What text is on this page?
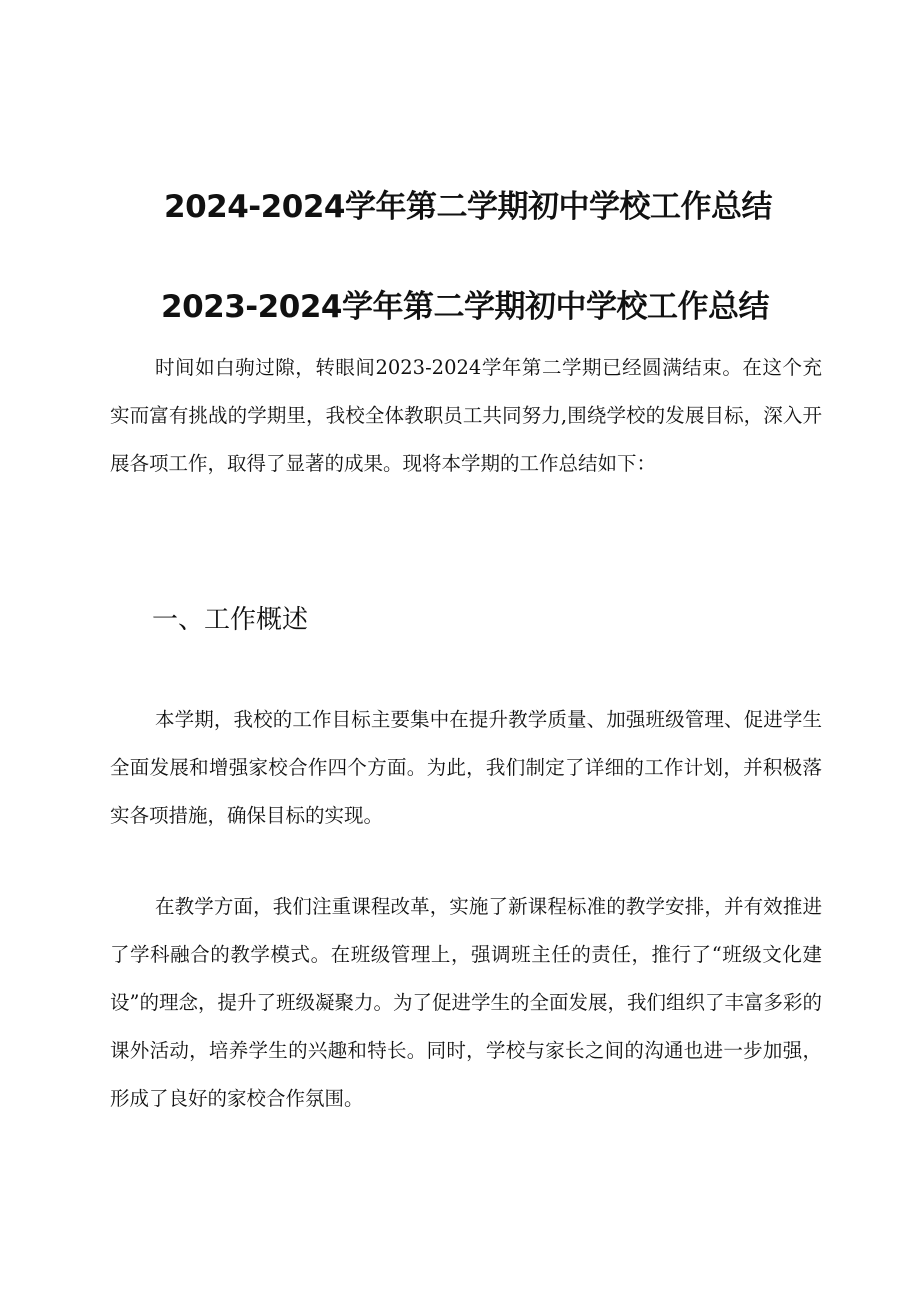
2024-2024学年第二学期初中学校工作总结
2023-2024学年第二学期初中学校工作总结

时间如白驹过隙，转眼间2023-2024学年第二学期已经圆满结束。在这个充实而富有挑战的学期里，我校全体教职员工共同努力,围绕学校的发展目标，深入开展各项工作，取得了显著的成果。现将本学期的工作总结如下：

一、工作概述

本学期，我校的工作目标主要集中在提升教学质量、加强班级管理、促进学生全面发展和增强家校合作四个方面。为此，我们制定了详细的工作计划，并积极落实各项措施，确保目标的实现。

在教学方面，我们注重课程改革，实施了新课程标准的教学安排，并有效推进了学科融合的教学模式。在班级管理上，强调班主任的责任，推行了“班级文化建设”的理念，提升了班级凝聚力。为了促进学生的全面发展，我们组织了丰富多彩的课外活动，培养学生的兴趣和特长。同时，学校与家长之间的沟通也进一步加强，形成了良好的家校合作氛围。
